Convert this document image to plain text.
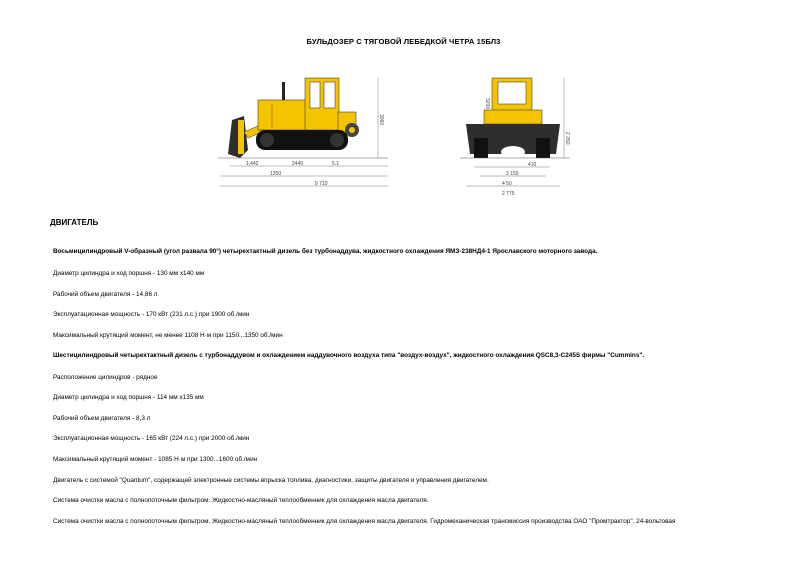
БУЛЬДОЗЕР С ТЯГОВОЙ ЛЕБЕДКОЙ ЧЕТРА 15БЛ3
3060
1,442	2440	5.1
1350
9 710
2 260
3200
410
3 150
4 50
2 775
ДВИГАТЕЛЬ
Восьмицилиндровый V-образный (угол развала 90°) четырехтактный дизель без турбонаддува, жидкостного охлаждения ЯМЗ-238НД4-1 Ярославского моторного завода.
Диаметр цилиндра и ход поршня - 130 мм х140 мм
Рабочий объем двигателя - 14,86 л
Эксплуатационная мощность - 170 кВт (231 л.с.) при 1900 об./мин
Максимальный крутящий момент, не менее 1108 Н·м при 1150...1350 об./мин
Шестицилиндровый четырехтактный дизель с турбонаддувом и охлаждением наддувочного воздуха типа "воздух-воздух", жидкостного охлаждения QSC8,3-C245S фирмы "Cummins".
Расположение цилиндров - рядное
Диаметр цилиндра и ход поршня - 114 мм х135 мм
Рабочий объем двигателя - 8,3 л
Эксплуатационная мощность - 165 кВт (224 л.с.) при 2000 об./мин
Максимальный крутящий момент - 1085 Н·м при 1300...1600 об./мин
Двигатель с системой "Quantum", содержащей электронные системы впрыска топлива, диагностики, защиты двигателя и управления двигателем.
Система очистки масла с полнопоточным фильтром. Жидкостно-масляный теплообменник для охлаждения масла двигателя.
Система очистки масла с полнопоточным фильтром. Жидкостно-масляный теплообменник для охлаждения масла двигателя. Гидромеханическая трансмиссия производства ОАО "Промтрактор". 24-вольтовая
